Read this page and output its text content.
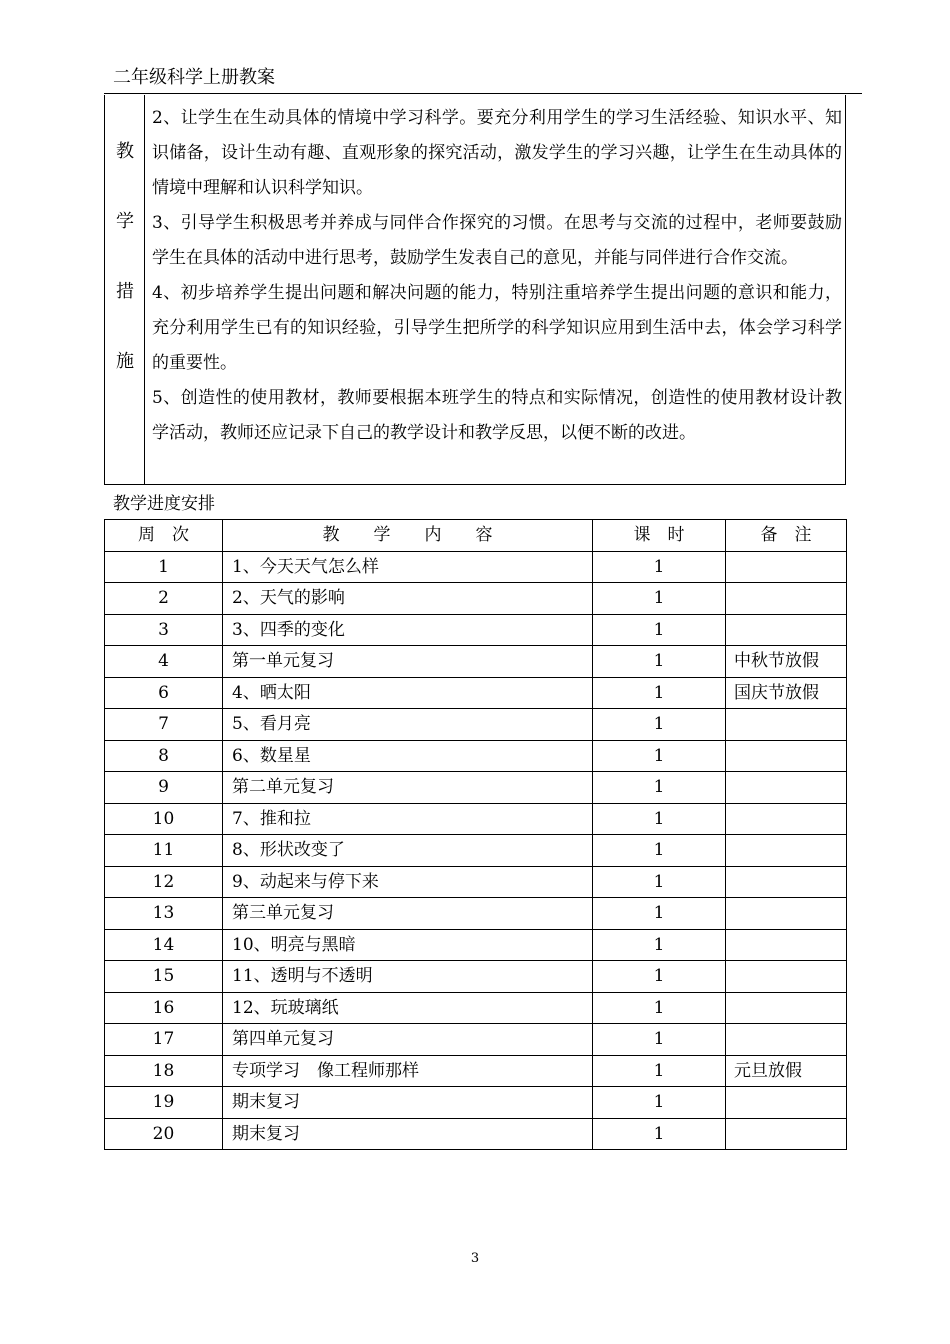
二年级科学上册教案
教
学
措
施

2、让学生在生动具体的情境中学习科学。要充分利用学生的学习生活经验、知识水平、知识储备，设计生动有趣、直观形象的探究活动，激发学生的学习兴趣，让学生在生动具体的情境中理解和认识科学知识。

3、引导学生积极思考并养成与同伴合作探究的习惯。在思考与交流的过程中，老师要鼓励学生在具体的活动中进行思考，鼓励学生发表自己的意见，并能与同伴进行合作交流。

4、初步培养学生提出问题和解决问题的能力，特别注重培养学生提出问题的意识和能力，充分利用学生已有的知识经验，引导学生把所学的科学知识应用到生活中去，体会学习科学的重要性。

5、创造性的使用教材，教师要根据本班学生的特点和实际情况，创造性的使用教材设计教学活动，教师还应记录下自己的教学设计和教学反思，以便不断的改进。

教学进度安排
周　次	教　　学　　内　　容	课　时	备　注
1	1、今天天气怎么样	1	
2	2、天气的影响	1	
3	3、四季的变化	1	
4	第一单元复习	1	中秋节放假
6	4、晒太阳	1	国庆节放假
7	5、看月亮	1	
8	6、数星星	1	
9	第二单元复习	1	
10	7、推和拉	1	
11	8、形状改变了	1	
12	9、动起来与停下来	1	
13	第三单元复习	1	
14	10、明亮与黑暗	1	
15	11、透明与不透明	1	
16	12、玩玻璃纸	1	
17	第四单元复习	1	
18	专项学习　像工程师那样	1	元旦放假
19	期末复习	1	
20	期末复习	1	
3
